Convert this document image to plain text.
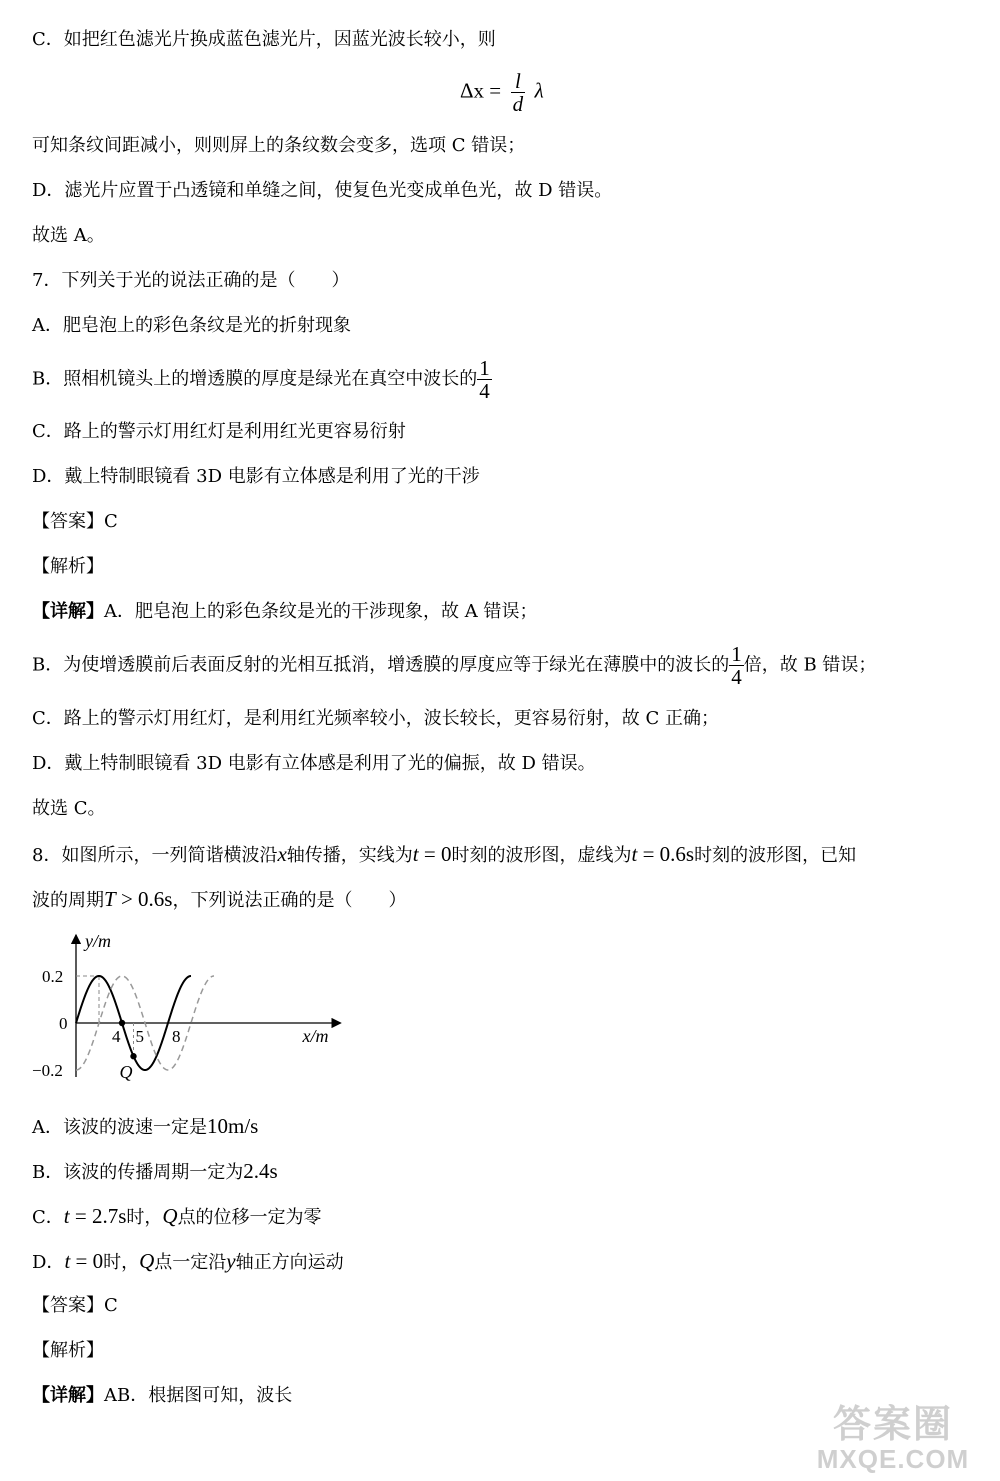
C．如把红色滤光片换成蓝色滤光片，因蓝光波长较小，则
$\Delta x = \frac{l}{d}$ λ
可知条纹间距减小，则则屏上的条纹数会变多，选项 C 错误；
D．滤光片应置于凸透镜和单缝之间，使复色光变成单色光，故 D 错误。
故选 A。
7．下列关于光的说法正确的是（　　）
A．肥皂泡上的彩色条纹是光的折射现象
B．照相机镜头上的增透膜的厚度是绿光在真空中波长的 $\frac{1}{4}$
C．路上的警示灯用红灯是利用红光更容易衍射
D．戴上特制眼镜看 3D 电影有立体感是利用了光的干涉
【答案】C
【解析】
【详解】A．肥皂泡上的彩色条纹是光的干涉现象，故 A 错误；
B．为使增透膜前后表面反射的光相互抵消，增透膜的厚度应等于绿光在薄膜中的波长的 $\frac{1}{4}$ 倍，故 B 错误；
C．路上的警示灯用红灯，是利用红光频率较小，波长较长，更容易衍射，故 C 正确；
D．戴上特制眼镜看 3D 电影有立体感是利用了光的偏振，故 D 错误。
故选 C。
8．如图所示，一列简谐横波沿x轴传播，实线为t = 0时刻的波形图，虚线为t = 0.6s时刻的波形图，已知
波的周期T > 0.6s，下列说法正确的是（　　）
Q
0.2
0
−0.2
4 5 8	x/m
y/m
A．该波的波速一定是10m/s
B．该波的传播周期一定为2.4s
C．t = 2.7s时，Q点的位移一定为零
D．t = 0时，Q点一定沿y轴正方向运动
【答案】C
【解析】
【详解】AB．根据图可知，波长
答案圈
MXQE.COM
